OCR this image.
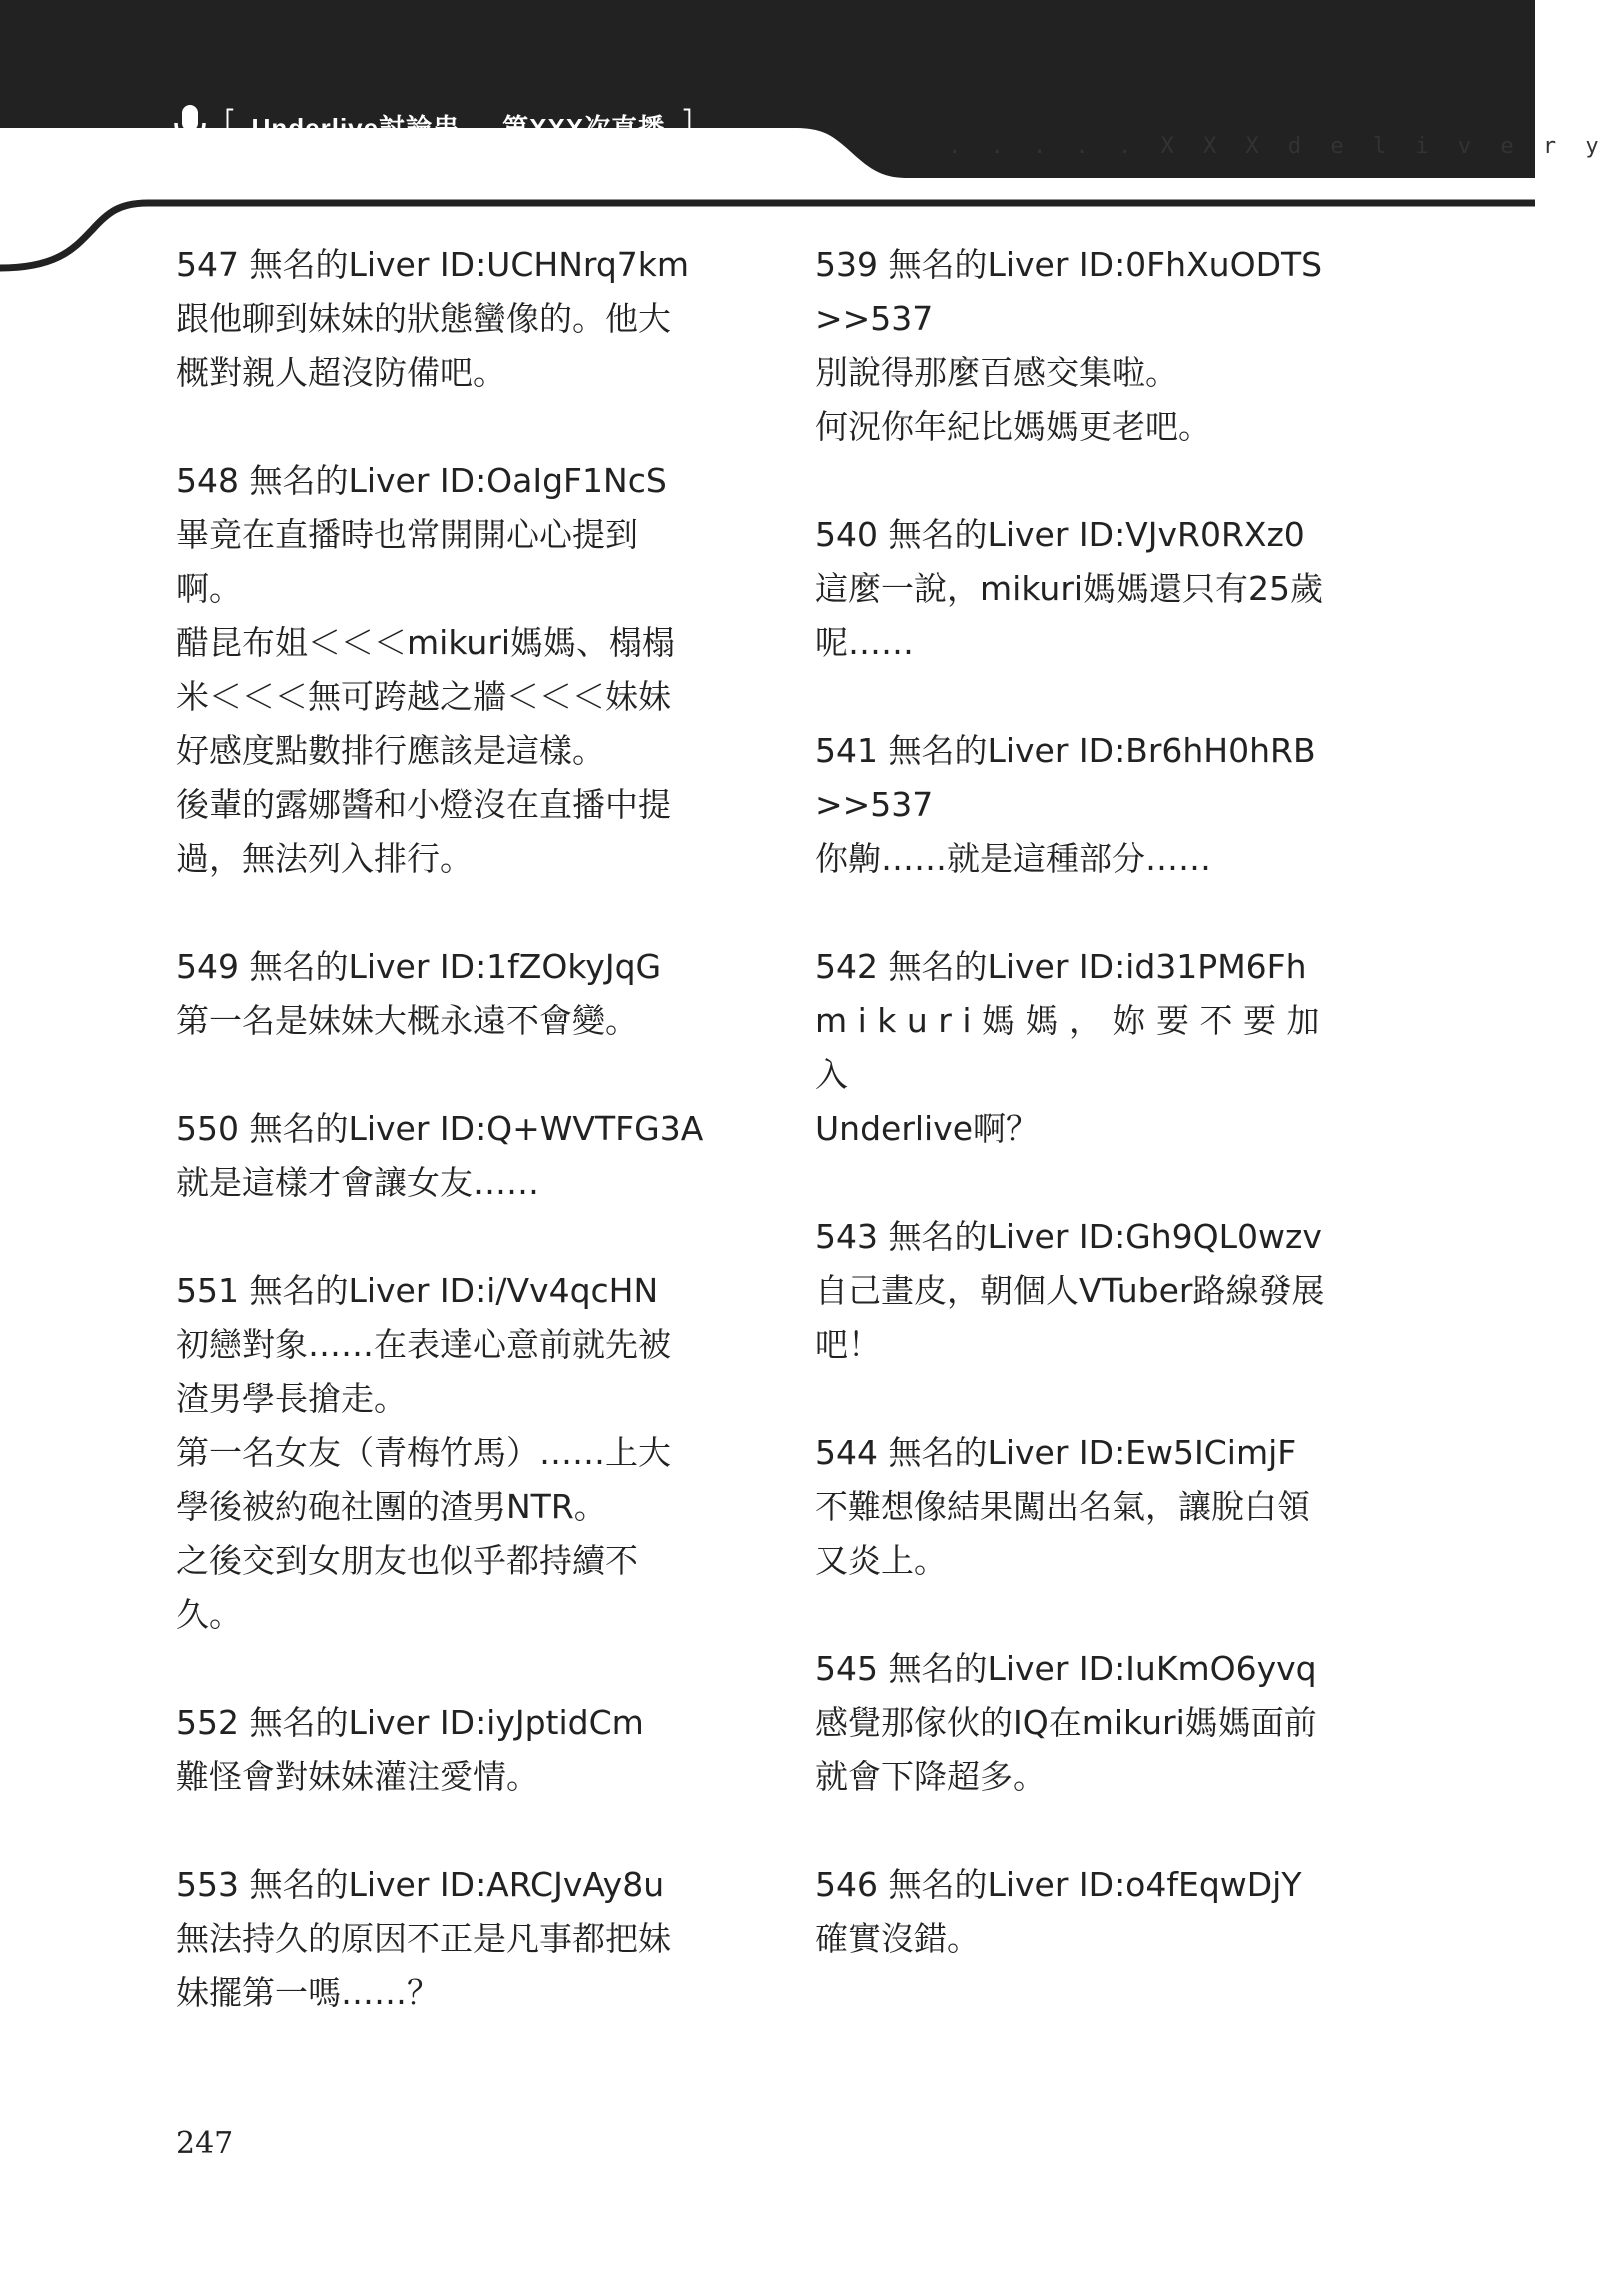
[ Underlive討論串 第XXX次直播 ]	. . . . . X X X d e l i v e r y
547 無名的Liver ID:UCHNrq7km
跟他聊到妹妹的狀態蠻像的。他大
概對親人超沒防備吧。
548 無名的Liver ID:OaIgF1NcS
畢竟在直播時也常開開心心提到
啊。
醋昆布姐＜＜＜mikuri媽媽、榻榻
米＜＜＜無可跨越之牆＜＜＜妹妹
好感度點數排行應該是這樣。
後輩的露娜醬和小燈沒在直播中提
過，無法列入排行。
549 無名的Liver ID:1fZOkyJqG
第一名是妹妹大概永遠不會變。
550 無名的Liver ID:Q+WVTFG3A
就是這樣才會讓女友……
551 無名的Liver ID:i/Vv4qcHN
初戀對象……在表達心意前就先被
渣男學長搶走。
第一名女友（青梅竹馬）……上大
學後被約砲社團的渣男NTR。
之後交到女朋友也似乎都持續不
久。
552 無名的Liver ID:iyJptidCm
難怪會對妹妹灌注愛情。
553 無名的Liver ID:ARCJvAy8u
無法持久的原因不正是凡事都把妹
妹擺第一嗎……？
539 無名的Liver ID:0FhXuODTS
>>537
別說得那麼百感交集啦。
何況你年紀比媽媽更老吧。
540 無名的Liver ID:VJvR0RXz0
這麼一說，mikuri媽媽還只有25歲
呢……
541 無名的Liver ID:Br6hH0hRB
>>537
你齁……就是這種部分……
542 無名的Liver ID:id31PM6Fh
m i k u r i 媽 媽 ， 妳 要 不 要 加 入
Underlive啊？
543 無名的Liver ID:Gh9QL0wzv
自己畫皮，朝個人VTuber路線發展
吧！
544 無名的Liver ID:Ew5ICimjF
不難想像結果闖出名氣，讓脫白領
又炎上。
545 無名的Liver ID:IuKmO6yvq
感覺那傢伙的IQ在mikuri媽媽面前
就會下降超多。
546 無名的Liver ID:o4fEqwDjY
確實沒錯。
247
